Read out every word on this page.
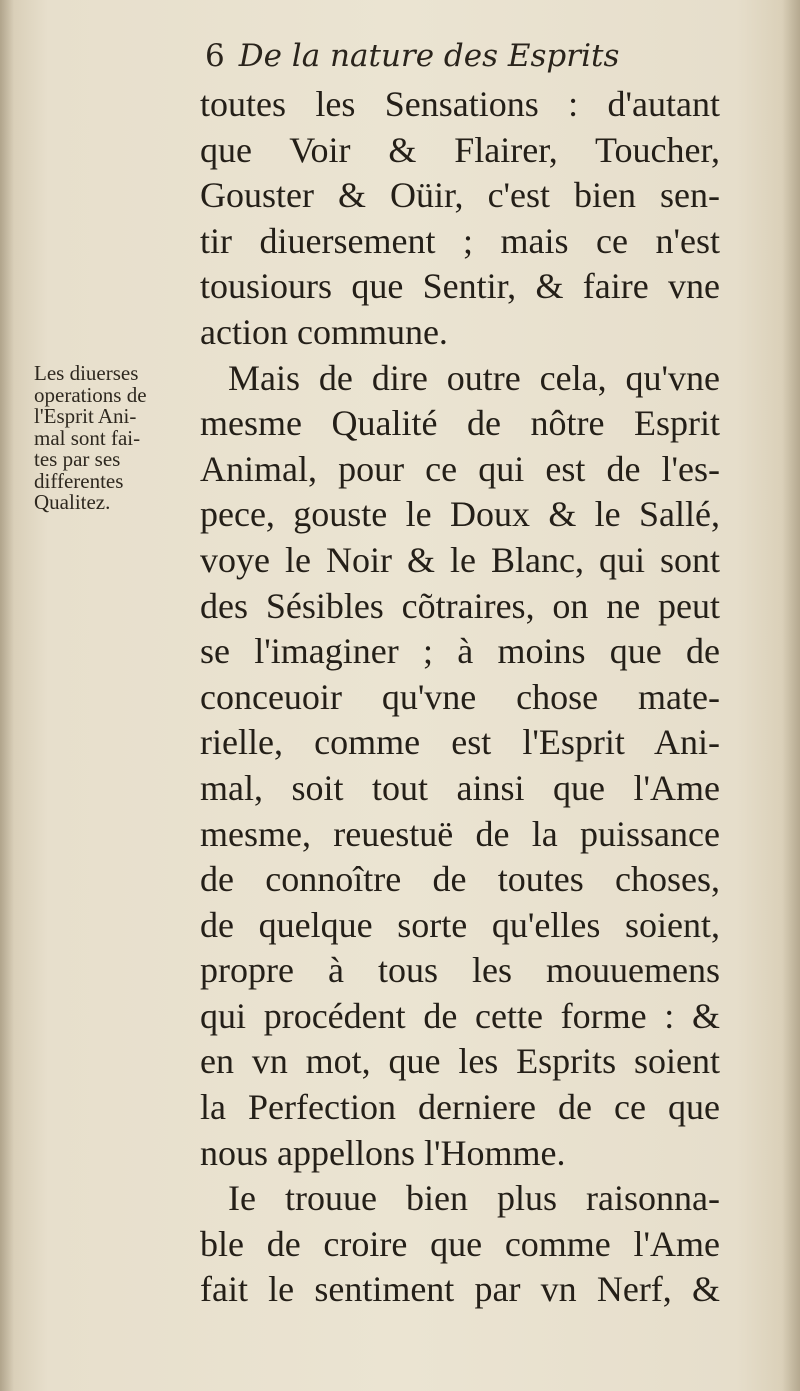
6 De la nature des Esprits
Les diuerses
operations de
l'Esprit Ani-
mal sont fai-
tes par ses
differentes
Qualitez.
toutes les Sensations : d'autant
que Voir & Flairer, Toucher,
Gouster & Oüir, c'est bien sen-
tir diuersement ; mais ce n'est
tousiours que Sentir, & faire vne
action commune.
Mais de dire outre cela, qu'vne
mesme Qualité de nôtre Esprit
Animal, pour ce qui est de l'es-
pece, gouste le Doux & le Sallé,
voye le Noir & le Blanc, qui sont
des Sésibles cõtraires, on ne peut
se l'imaginer ; à moins que de
conceuoir qu'vne chose mate-
rielle, comme est l'Esprit Ani-
mal, soit tout ainsi que l'Ame
mesme, reuestuë de la puissance
de connoître de toutes choses,
de quelque sorte qu'elles soient,
propre à tous les mouuemens
qui procédent de cette forme : &
en vn mot, que les Esprits soient
la Perfection derniere de ce que
nous appellons l'Homme.
Ie trouue bien plus raisonna-
ble de croire que comme l'Ame
fait le sentiment par vn Nerf, &
